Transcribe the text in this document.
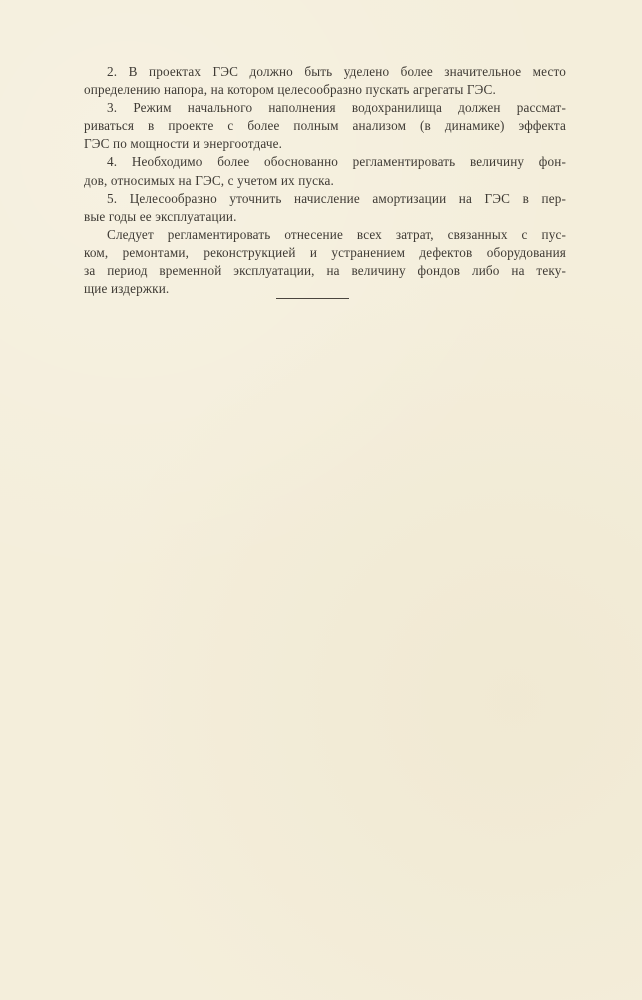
2. В проектах ГЭС должно быть уделено более значительное место
определению напора, на котором целесообразно пускать агрегаты ГЭС.

3. Режим начального наполнения водохранилища должен рассмат-
риваться в проекте с более полным анализом (в динамике) эффекта
ГЭС по мощности и энергоотдаче.

4. Необходимо более обоснованно регламентировать величину фон-
дов, относимых на ГЭС, с учетом их пуска.

5. Целесообразно уточнить начисление амортизации на ГЭС в пер-
вые годы ее эксплуатации.

Следует регламентировать отнесение всех затрат, связанных с пус-
ком, ремонтами, реконструкцией и устранением дефектов оборудования
за период временной эксплуатации, на величину фондов либо на теку-
щие издержки.
